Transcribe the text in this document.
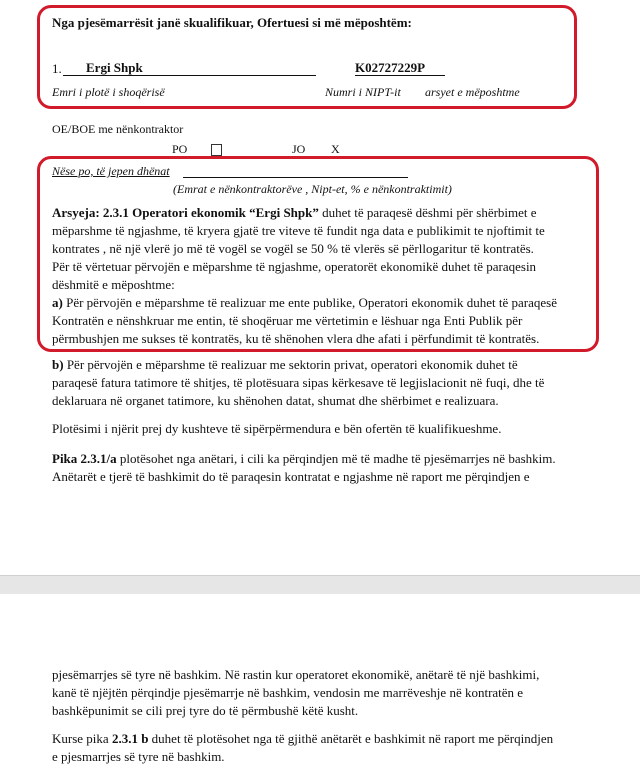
Nga pjesëmarrësit janë skualifikuar, Ofertuesi si më mëposhtëm:
1. Ergi Shpk	K02727229P
Emri i plotë i shoqërisë	Numri i NIPT-it arsyet e mëposhtme
OE/BOE me nënkontraktor
PO	JO X
Nëse po, të jepen dhënat
(Emrat e nënkontraktorëve , Nipt-et, % e nënkontraktimit)
Arsyeja: 2.3.1 Operatori ekonomik “Ergi Shpk” duhet të paraqesë dëshmi për shërbimet e
mëparshme të ngjashme, të kryera gjatë tre viteve të fundit nga data e publikimit te njoftimit te
kontrates , në një vlerë jo më të vogël se vogël se 50 % të vlerës së përllogaritur të kontratës.
Për të vërtetuar përvojën e mëparshme të ngjashme, operatorët ekonomikë duhet të paraqesin
dëshmitë e mëposhtme:
a) Për përvojën e mëparshme të realizuar me ente publike, Operatori ekonomik duhet të paraqesë
Kontratën e nënshkruar me entin, të shoqëruar me vërtetimin e lëshuar nga Enti Publik për
përmbushjen me sukses të kontratës, ku të shënohen vlera dhe afati i përfundimit të kontratës.
b) Për përvojën e mëparshme të realizuar me sektorin privat, operatori ekonomik duhet të
paraqesë fatura tatimore të shitjes, të plotësuara sipas kërkesave të legjislacionit në fuqi, dhe të
deklaruara në organet tatimore, ku shënohen datat, shumat dhe shërbimet e realizuara.
Plotësimi i njërit prej dy kushteve të sipërpërmendura e bën ofertën të kualifikueshme.
Pika 2.3.1/a plotësohet nga anëtari, i cili ka përqindjen më të madhe të pjesëmarrjes në bashkim.
Anëtarët e tjerë të bashkimit do të paraqesin kontratat e ngjashme në raport me përqindjen e
pjesëmarrjes së tyre në bashkim. Në rastin kur operatoret ekonomikë, anëtarë të një bashkimi,
kanë të njëjtën përqindje pjesëmarrje në bashkim, vendosin me marrëveshje në kontratën e
bashkëpunimit se cili prej tyre do të përmbushë këtë kusht.
Kurse pika 2.3.1 b duhet të plotësohet nga të gjithë anëtarët e bashkimit në raport me përqindjen
e pjesmarrjes së tyre në bashkim.
